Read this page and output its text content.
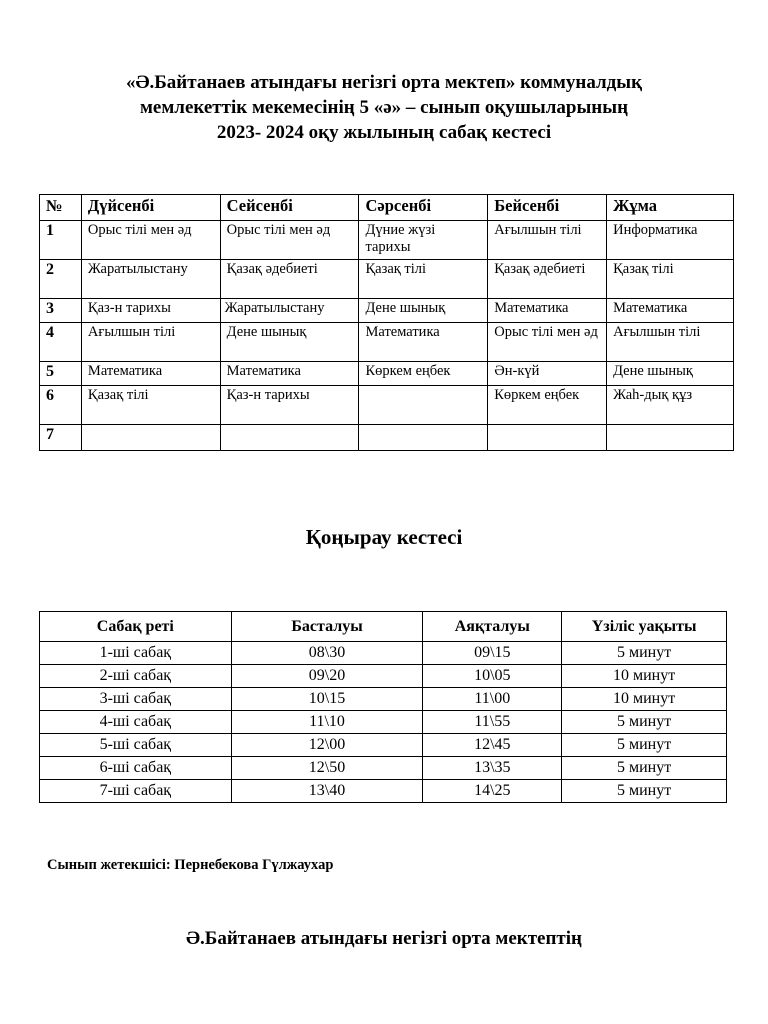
«Ә.Байтанаев атындағы негізгі орта мектеп» коммуналдық
мемлекеттік мекемесінің 5 «ә» – сынып оқушыларының
2023- 2024 оқу жылының сабақ кестесі
№	Дүйсенбі	Сейсенбі	Сәрсенбі	Бейсенбі	Жұма
1	Орыс тілі мен әд	Орыс тілі мен әд	Дүние жүзі тарихы	Ағылшын тілі	Информатика
2	Жаратылыстану	Қазақ әдебиеті	Қазақ тілі	Қазақ әдебиеті	Қазақ тілі
3	Қаз-н тарихы	Жаратылыстану	Дене шынық	Математика	Математика
4	Ағылшын тілі	Дене шынық	Математика	Орыс тілі мен әд	Ағылшын тілі
5	Математика	Математика	Көркем еңбек	Ән-күй	Дене шынық
6	Қазақ тілі	Қаз-н тарихы		Көркем еңбек	Жаһ-дық құз
7					
Қоңырау кестесі
Сабақ реті	Басталуы	Аяқталуы	Үзіліс уақыты
1-ші сабақ	08\30	09\15	5 минут
2-ші сабақ	09\20	10\05	10 минут
3-ші сабақ	10\15	11\00	10 минут
4-ші сабақ	11\10	11\55	5 минут
5-ші сабақ	12\00	12\45	5 минут
6-ші сабақ	12\50	13\35	5 минут
7-ші сабақ	13\40	14\25	5 минут
Сынып жетекшісі: Пернебекова Гүлжаухар
Ә.Байтанаев атындағы негізгі орта мектептің
